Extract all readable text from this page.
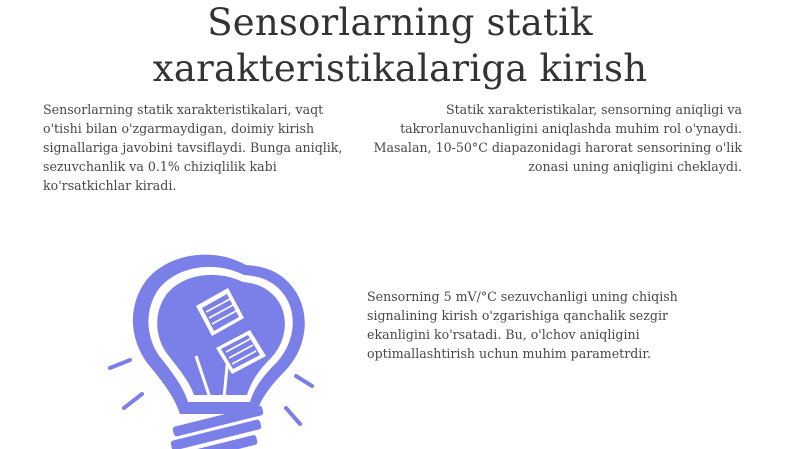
Sensorlarning statik xarakteristikalariga kirish

Sensorlarning statik xarakteristikalari, vaqt o'tishi bilan o'zgarmaydigan, doimiy kirish signallariga javobini tavsiflaydi. Bunga aniqlik, sezuvchanlik va 0.1% chiziqlilik kabi ko'rsatkichlar kiradi.

Statik xarakteristikalar, sensorning aniqligi va takrorlanuvchanligini aniqlashda muhim rol o'ynaydi. Masalan, 10-50°C diapazonidagi harorat sensorining o'lik zonasi uning aniqligini cheklaydi.

Sensorning 5 mV/°C sezuvchanligi uning chiqish signalining kirish o'zgarishiga qanchalik sezgir ekanligini ko'rsatadi. Bu, o'lchov aniqligini optimallashtirish uchun muhim parametrdir.
